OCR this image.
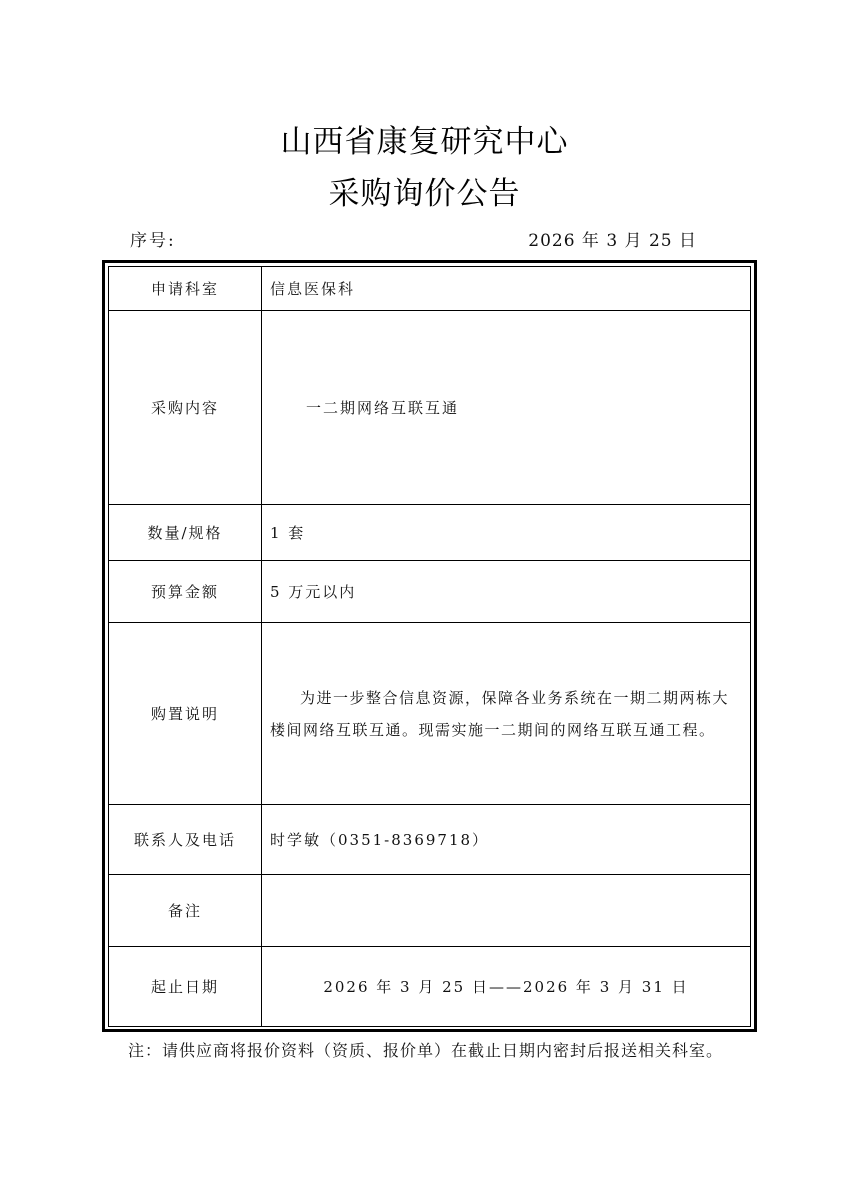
山西省康复研究中心
采购询价公告
序号:	2026 年 3 月 25 日
申请科室	信息医保科
采购内容	一二期网络互联互通
数量/规格	1 套
预算金额	5 万元以内
购置说明	为进一步整合信息资源，保障各业务系统在一期二期两栋大楼间网络互联互通。现需实施一二期间的网络互联互通工程。
联系人及电话	时学敏（0351-8369718）
备注	
起止日期	2026 年 3 月 25 日——2026 年 3 月 31 日
注：请供应商将报价资料（资质、报价单）在截止日期内密封后报送相关科室。
